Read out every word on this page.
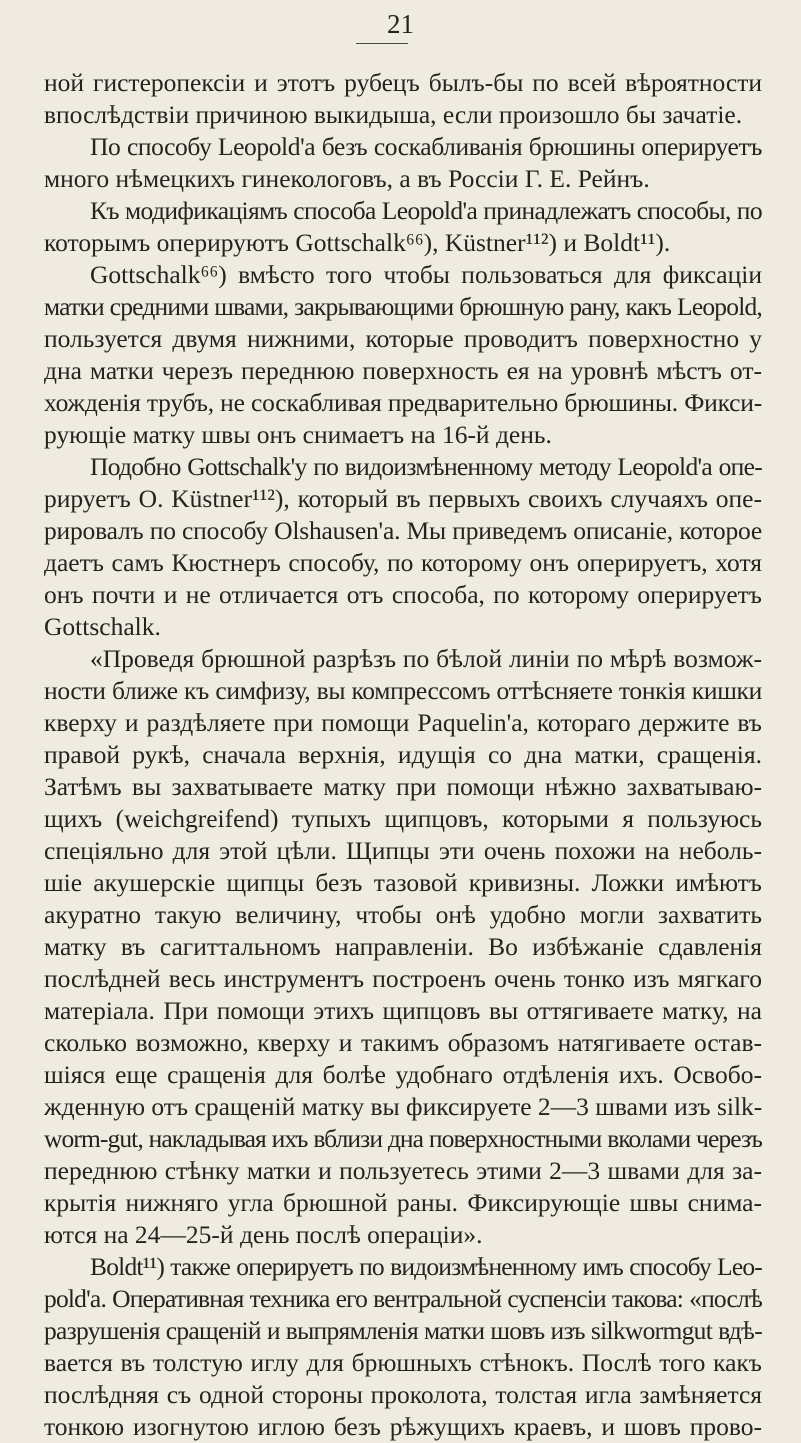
21
ной гистеропексіи и этотъ рубецъ былъ-бы по всей вѣроятности
впослѣдствіи причиною выкидыша, если произошло бы зачатіе.
По способу Leopold'а безъ соскабливанія брюшины оперируетъ
много нѣмецкихъ гинекологовъ, а въ Россіи Г. Е. Рейнъ.
Къ модификаціямъ способа Leopold'а принадлежатъ способы, по
которымъ оперируютъ Gottschalk⁶⁶), Küstner¹¹²) и Boldt¹¹).
Gottschalk⁶⁶) вмѣсто того чтобы пользоваться для фиксаціи
матки средними швами, закрывающими брюшную рану, какъ Leopold,
пользуется двумя нижними, которые проводитъ поверхностно у
дна матки черезъ переднюю поверхность ея на уровнѣ мѣстъ от-
хожденія трубъ, не соскабливая предварительно брюшины. Фикси-
рующіе матку швы онъ снимаетъ на 16-й день.
Подобно Gottschalk'у по видоизмѣненному методу Leopold'а опе-
рируетъ O. Küstner¹¹²), который въ первыхъ своихъ случаяхъ опе-
рировалъ по способу Olshausen'а. Мы приведемъ описаніе, которое
даетъ самъ Кюстнеръ способу, по которому онъ оперируетъ, хотя
онъ почти и не отличается отъ способа, по которому оперируетъ
Gottschalk.
«Проведя брюшной разрѣзъ по бѣлой линіи по мѣрѣ возмож-
ности ближе къ симфизу, вы компрессомъ оттѣсняете тонкія кишки
кверху и раздѣляете при помощи Paquelin'а, котораго держите въ
правой рукѣ, сначала верхнія, идущія со дна матки, сращенія.
Затѣмъ вы захватываете матку при помощи нѣжно захватываю-
щихъ (weichgreifend) тупыхъ щипцовъ, которыми я пользуюсь
спеціяльно для этой цѣли. Щипцы эти очень похожи на неболь-
шіе акушерскіе щипцы безъ тазовой кривизны. Ложки имѣютъ
акуратно такую величину, чтобы онѣ удобно могли захватить
матку въ сагиттальномъ направленіи. Во избѣжаніе сдавленія
послѣдней весь инструментъ построенъ очень тонко изъ мягкаго
матеріала. При помощи этихъ щипцовъ вы оттягиваете матку, на
сколько возможно, кверху и такимъ образомъ натягиваете остав-
шіяся еще сращенія для болѣе удобнаго отдѣленія ихъ. Освобо-
жденную отъ сращеній матку вы фиксируете 2—3 швами изъ silk-
worm-gut, накладывая ихъ вблизи дна поверхностными вколами черезъ
переднюю стѣнку матки и пользуетесь этими 2—3 швами для за-
крытія нижняго угла брюшной раны. Фиксирующіе швы снима-
ются на 24—25-й день послѣ операціи».
Boldt¹¹) также оперируетъ по видоизмѣненному имъ способу Leo-
pold'а. Оперативная техника его вентральной суспенсіи такова: «послѣ
разрушенія сращеній и выпрямленія матки шовъ изъ silkwormgut вдѣ-
вается въ толстую иглу для брюшныхъ стѣнокъ. Послѣ того какъ
послѣдняя съ одной стороны проколота, толстая игла замѣняется
тонкою изогнутою иглою безъ рѣжущихъ краевъ, и шовъ прово-
